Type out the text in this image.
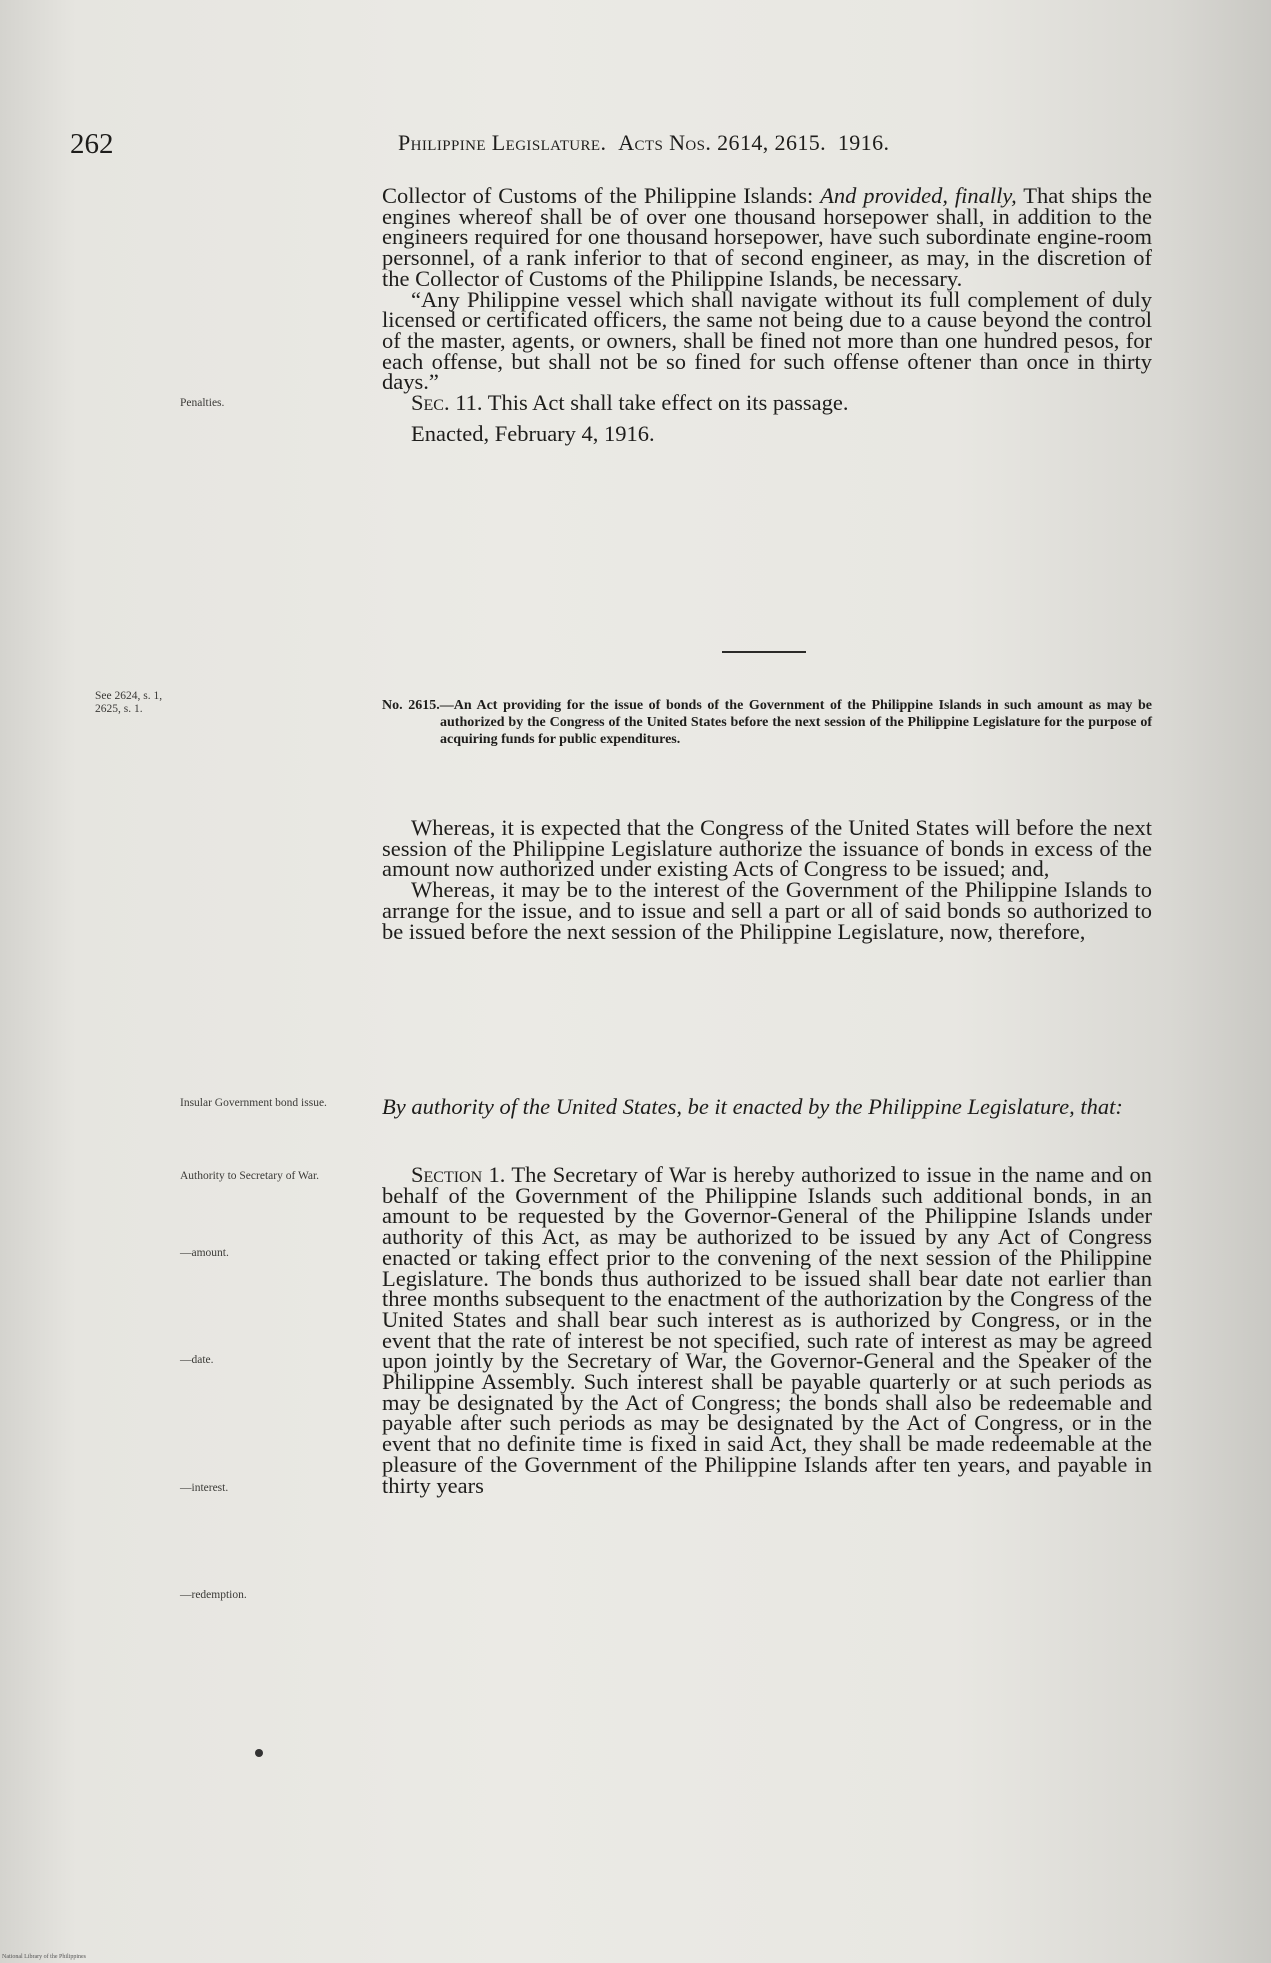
262	Philippine Legislature. Acts Nos. 2614, 2615. 1916.

Collector of Customs of the Philippine Islands: And provided, finally, That ships the engines whereof shall be of over one thousand horsepower shall, in addition to the engineers required for one thousand horsepower, have such subordinate engine-room personnel, of a rank inferior to that of second engineer, as may, in the discretion of the Collector of Customs of the Philippine Islands, be necessary.

“Any Philippine vessel which shall navigate without its full complement of duly licensed or certificated officers, the same not being due to a cause beyond the control of the master, agents, or owners, shall be fined not more than one hundred pesos, for each offense, but shall not be so fined for such offense oftener than once in thirty days.”

Sec. 11. This Act shall take effect on its passage.

Enacted, February 4, 1916.

Penalties.
See 2624, s. 1, 2625, s. 1.	No. 2615.—An Act providing for the issue of bonds of the Government of the Philippine Islands in such amount as may be authorized by the Congress of the United States before the next session of the Philippine Legislature for the purpose of acquiring funds for public expenditures.

Whereas, it is expected that the Congress of the United States will before the next session of the Philippine Legislature authorize the issuance of bonds in excess of the amount now authorized under existing Acts of Congress to be issued; and,

Whereas, it may be to the interest of the Government of the Philippine Islands to arrange for the issue, and to issue and sell a part or all of said bonds so authorized to be issued before the next session of the Philippine Legislature, now, therefore,

Insular Government bond issue.	By authority of the United States, be it enacted by the Philippine Legislature, that:

Section 1. The Secretary of War is hereby authorized to issue in the name and on behalf of the Government of the Philippine Islands such additional bonds, in an amount to be requested by the Governor-General of the Philippine Islands under authority of this Act, as may be authorized to be issued by any Act of Congress enacted or taking effect prior to the convening of the next session of the Philippine Legislature. The bonds thus authorized to be issued shall bear date not earlier than three months subsequent to the enactment of the authorization by the Congress of the United States and shall bear such interest as is authorized by Congress, or in the event that the rate of interest be not specified, such rate of interest as may be agreed upon jointly by the Secretary of War, the Governor-General and the Speaker of the Philippine Assembly. Such interest shall be payable quarterly or at such periods as may be designated by the Act of Congress; the bonds shall also be redeemable and payable after such periods as may be designated by the Act of Congress, or in the event that no definite time is fixed in said Act, they shall be made redeemable at the pleasure of the Government of the Philippine Islands after ten years, and payable in thirty years

Authority to Secretary of War.
—amount.
—date.
—interest.
—redemption.
National Library of the Philippines
